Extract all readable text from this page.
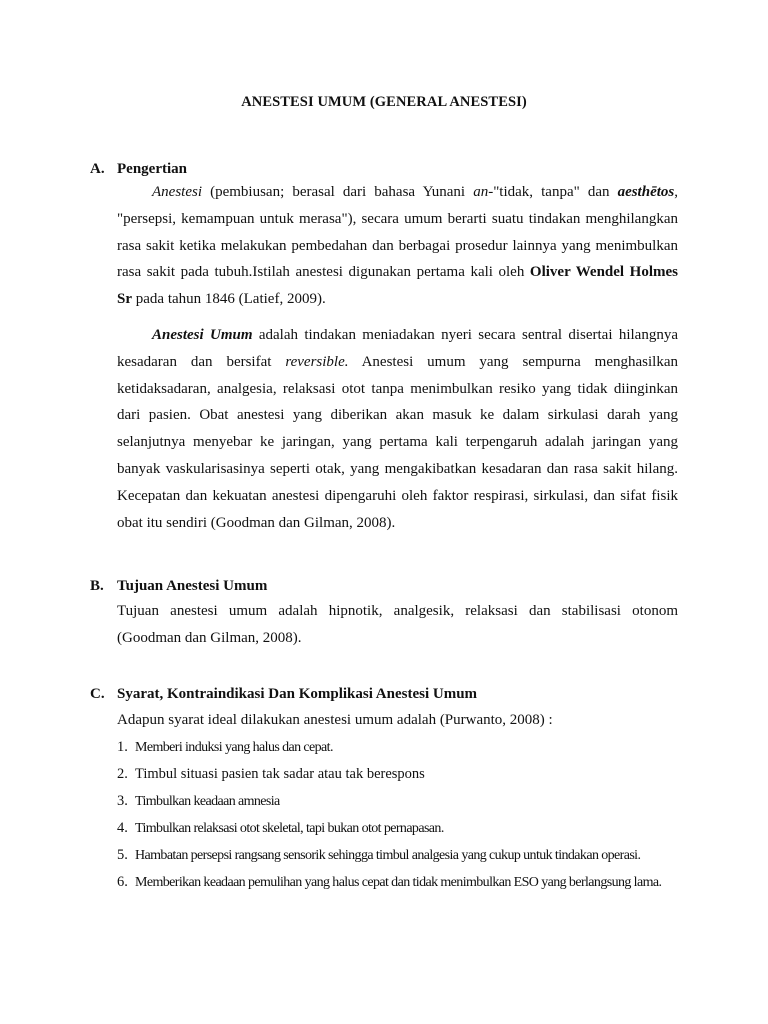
ANESTESI UMUM (GENERAL ANESTESI)
A. Pengertian
Anestesi (pembiusan; berasal dari bahasa Yunani an-"tidak, tanpa" dan aesthētos,
"persepsi, kemampuan untuk merasa"), secara umum berarti suatu tindakan menghilangkan
rasa sakit ketika melakukan pembedahan dan berbagai prosedur lainnya yang menimbulkan
rasa sakit pada tubuh.Istilah anestesi digunakan pertama kali oleh Oliver Wendel Holmes
Sr pada tahun 1846 (Latief, 2009).
Anestesi Umum adalah tindakan meniadakan nyeri secara sentral disertai hilangnya
kesadaran dan bersifat reversible. Anestesi umum yang sempurna menghasilkan
ketidaksadaran, analgesia, relaksasi otot tanpa menimbulkan resiko yang tidak diinginkan
dari pasien. Obat anestesi yang diberikan akan masuk ke dalam sirkulasi darah yang
selanjutnya menyebar ke jaringan, yang pertama kali terpengaruh adalah jaringan yang
banyak vaskularisasinya seperti otak, yang mengakibatkan kesadaran dan rasa sakit hilang.
Kecepatan dan kekuatan anestesi dipengaruhi oleh faktor respirasi, sirkulasi, dan sifat fisik
obat itu sendiri (Goodman dan Gilman, 2008).
B. Tujuan Anestesi Umum
Tujuan anestesi umum adalah hipnotik, analgesik, relaksasi dan stabilisasi otonom
(Goodman dan Gilman, 2008).
C. Syarat, Kontraindikasi Dan Komplikasi Anestesi Umum
Adapun syarat ideal dilakukan anestesi umum adalah (Purwanto, 2008) :
1. Memberi induksi yang halus dan cepat.
2. Timbul situasi pasien tak sadar atau tak berespons
3. Timbulkan keadaan amnesia
4. Timbulkan relaksasi otot skeletal, tapi bukan otot pernapasan.
5. Hambatan persepsi rangsang sensorik sehingga timbul analgesia yang cukup untuk tindakan operasi.
6. Memberikan keadaan pemulihan yang halus cepat dan tidak menimbulkan ESO yang berlangsung lama.
